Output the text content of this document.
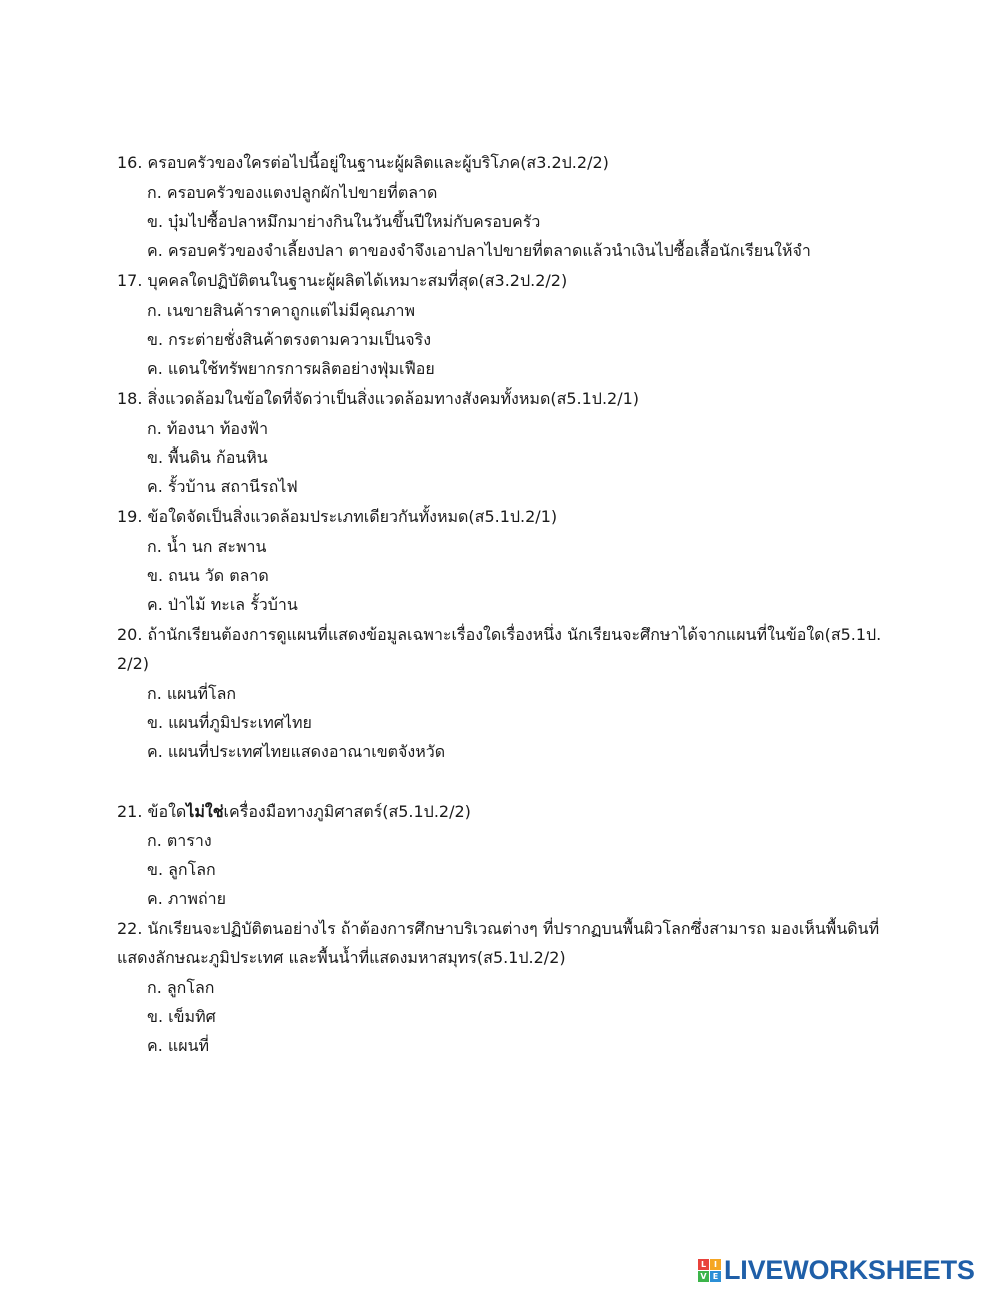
16. ครอบครัวของใครต่อไปนี้อยู่ในฐานะผู้ผลิตและผู้บริโภค(ส3.2ป.2/2)

ก. ครอบครัวของแตงปลูกผักไปขายที่ตลาด

ข. บุ๋มไปซื้อปลาหมึกมาย่างกินในวันขึ้นปีใหม่กับครอบครัว

ค. ครอบครัวของจำเลี้ยงปลา ตาของจำจึงเอาปลาไปขายที่ตลาดแล้วนำเงินไปซื้อเสื้อนักเรียนให้จำ

17. บุคคลใดปฏิบัติตนในฐานะผู้ผลิตได้เหมาะสมที่สุด(ส3.2ป.2/2)

ก. เนขายสินค้าราคาถูกแต่ไม่มีคุณภาพ

ข. กระต่ายชั่งสินค้าตรงตามความเป็นจริง

ค. แดนใช้ทรัพยากรการผลิตอย่างฟุ่มเฟือย

18. สิ่งแวดล้อมในข้อใดที่จัดว่าเป็นสิ่งแวดล้อมทางสังคมทั้งหมด(ส5.1ป.2/1)

ก. ท้องนา ท้องฟ้า

ข. พื้นดิน ก้อนหิน

ค. รั้วบ้าน สถานีรถไฟ

19. ข้อใดจัดเป็นสิ่งแวดล้อมประเภทเดียวกันทั้งหมด(ส5.1ป.2/1)

ก. น้ำ นก สะพาน

ข. ถนน วัด ตลาด

ค. ป่าไม้ ทะเล รั้วบ้าน

20. ถ้านักเรียนต้องการดูแผนที่แสดงข้อมูลเฉพาะเรื่องใดเรื่องหนึ่ง นักเรียนจะศึกษาได้จากแผนที่ในข้อใด(ส5.1ป.

2/2)

ก. แผนที่โลก

ข. แผนที่ภูมิประเทศไทย

ค. แผนที่ประเทศไทยแสดงอาณาเขตจังหวัด

21. ข้อใดไม่ใช่เครื่องมือทางภูมิศาสตร์(ส5.1ป.2/2)

ก. ตาราง

ข. ลูกโลก

ค. ภาพถ่าย

22. นักเรียนจะปฏิบัติตนอย่างไร ถ้าต้องการศึกษาบริเวณต่างๆ ที่ปรากฏบนพื้นผิวโลกซึ่งสามารถ มองเห็นพื้นดินที่

แสดงลักษณะภูมิประเทศ และพื้นน้ำที่แสดงมหาสมุทร(ส5.1ป.2/2)

ก. ลูกโลก

ข. เข็มทิศ

ค. แผนที่

L I
V E LIVEWORKSHEETS
